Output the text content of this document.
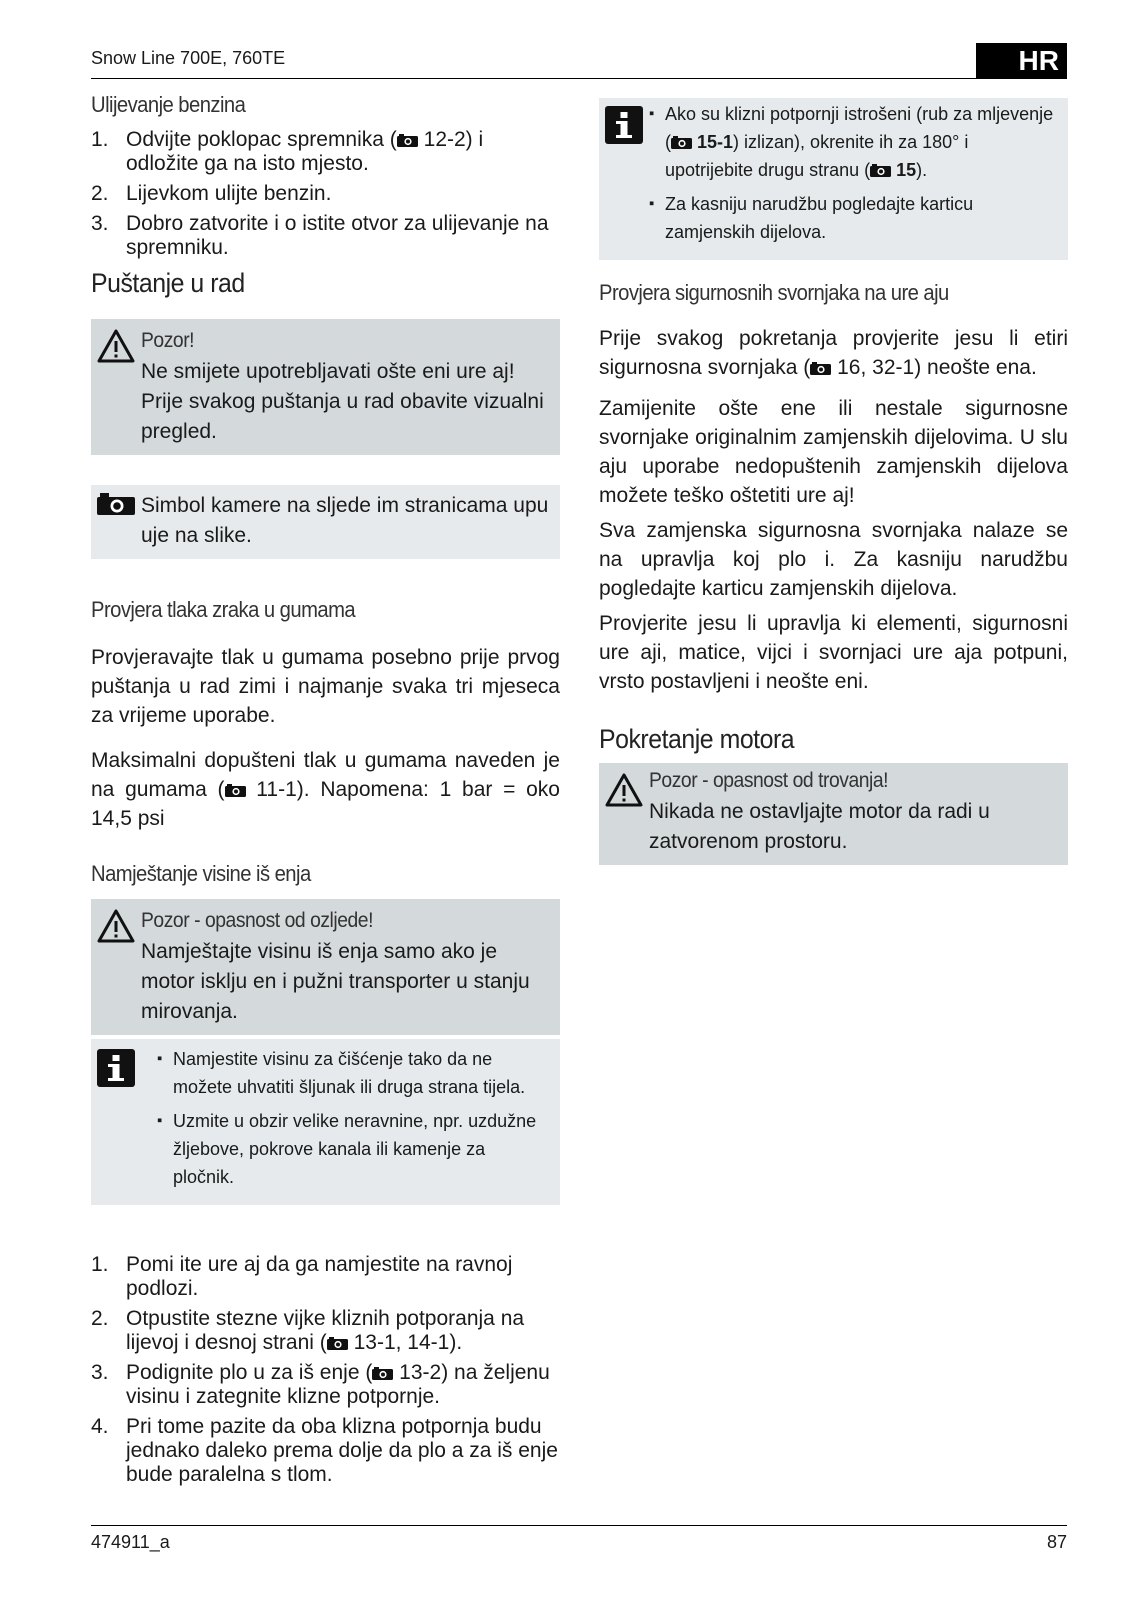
Snow Line 700E, 760TE	HR
Ulijevanje benzina
1. Odvijte poklopac spremnika ( 12-2) i odložite ga na isto mjesto.
2. Lijevkom ulijte benzin.
3. Dobro zatvorite i o istite otvor za ulijevanje na spremniku.
Puštanje u rad
Pozor!
Ne smijete upotrebljavati ošte eni ure aj!
Prije svakog puštanja u rad obavite vizualni pregled.
Simbol kamere na sljede im stranicama upu uje na slike.
Provjera tlaka zraka u gumama

Provjeravajte tlak u gumama posebno prije prvog puštanja u rad zimi i najmanje svaka tri mjeseca za vrijeme uporabe.

Maksimalni dopušteni tlak u gumama naveden je na gumama ( 11-1). Napomena: 1 bar = oko 14,5 psi

Namještanje visine iš enja
Pozor - opasnost od ozljede!
Namještajte visinu iš enja samo ako je motor isklju en i pužni transporter u stanju mirovanja.
▪ Namjestite visinu za čišćenje tako da ne možete uhvatiti šljunak ili druga strana tijela.
▪ Uzmite u obzir velike neravnine, npr. uzdužne žljebove, pokrove kanala ili kamenje za pločnik.
1. Pomi ite ure aj da ga namjestite na ravnoj podlozi.
2. Otpustite stezne vijke kliznih potporanja na lijevoj i desnoj strani ( 13-1, 14-1).
3. Podignite plo u za iš enje ( 13-2) na željenu visinu i zategnite klizne potpornje.
4. Pri tome pazite da oba klizna potpornja budu jednako daleko prema dolje da plo a za iš enje bude paralelna s tlom.
▪ Ako su klizni potpornji istrošeni (rub za mljevenje ( 15-1) izlizan), okrenite ih za 180° i upotrijebite drugu stranu ( 15).
▪ Za kasniju narudžbu pogledajte karticu zamjenskih dijelova.
Provjera sigurnosnih svornjaka na ure aju

Prije svakog pokretanja provjerite jesu li etiri sigurnosna svornjaka ( 16, 32-1) neošte ena.

Zamijenite ošte ene ili nestale sigurnosne svornjake originalnim zamjenskih dijelovima. U slu aju uporabe nedopuštenih zamjenskih dijelova možete teško oštetiti ure aj!

Sva zamjenska sigurnosna svornjaka nalaze se na upravlja koj plo i. Za kasniju narudžbu pogledajte karticu zamjenskih dijelova.

Provjerite jesu li upravlja ki elementi, sigurnosni ure aji, matice, vijci i svornjaci ure aja potpuni, vrsto postavljeni i neošte eni.

Pokretanje motora
Pozor - opasnost od trovanja!
Nikada ne ostavljajte motor da radi u zatvorenom prostoru.
474911_a	87
